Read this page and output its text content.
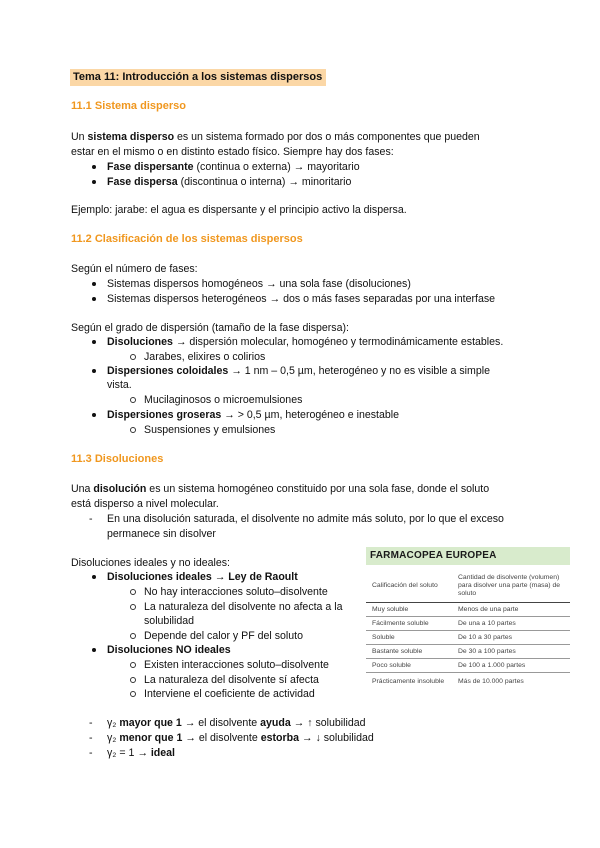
Tema 11: Introducción a los sistemas dispersos
11.1 Sistema disperso
Un sistema disperso es un sistema formado por dos o más componentes que pueden
estar en el mismo o en distinto estado físico. Siempre hay dos fases:
Fase dispersante (continua o externa) → mayoritario
Fase dispersa (discontinua o interna) → minoritario
Ejemplo: jarabe: el agua es dispersante y el principio activo la dispersa.
11.2 Clasificación de los sistemas dispersos
Según el número de fases:
Sistemas dispersos homogéneos → una sola fase (disoluciones)
Sistemas dispersos heterogéneos → dos o más fases separadas por una interfase
Según el grado de dispersión (tamaño de la fase dispersa):
Disoluciones → dispersión molecular, homogéneo y termodinámicamente estables.
Jarabes, elixires o colirios
Dispersiones coloidales → 1 nm – 0,5 µm, heterogéneo y no es visible a simple
vista.
Mucilaginosos o microemulsiones
Dispersiones groseras → > 0,5 µm, heterogéneo e inestable
Suspensiones y emulsiones
11.3 Disoluciones
Una disolución es un sistema homogéneo constituido por una sola fase, donde el soluto
está disperso a nivel molecular.
- En una disolución saturada, el disolvente no admite más soluto, por lo que el exceso
permanece sin disolver
Disoluciones ideales y no ideales:
Disoluciones ideales → Ley de Raoult
No hay interacciones soluto–disolvente
La naturaleza del disolvente no afecta a la
solubilidad
Depende del calor y PF del soluto
Disoluciones NO ideales
Existen interacciones soluto–disolvente
La naturaleza del disolvente sí afecta
Interviene el coeficiente de actividad
- γ₂ mayor que 1 → el disolvente ayuda → ↑ solubilidad
- γ₂ menor que 1 → el disolvente estorba → ↓ solubilidad
- γ₂ = 1 → ideal
FARMACOPEA EUROPEA
Calificación del soluto
Cantidad de disolvente (volumen) para disolver una parte (masa) de soluto
Muy soluble	Menos de una parte
Fácilmente soluble	De una a 10 partes
Soluble	De 10 a 30 partes
Bastante soluble	De 30 a 100 partes
Poco soluble	De 100 a 1.000 partes
Prácticamente insoluble	Más de 10.000 partes
